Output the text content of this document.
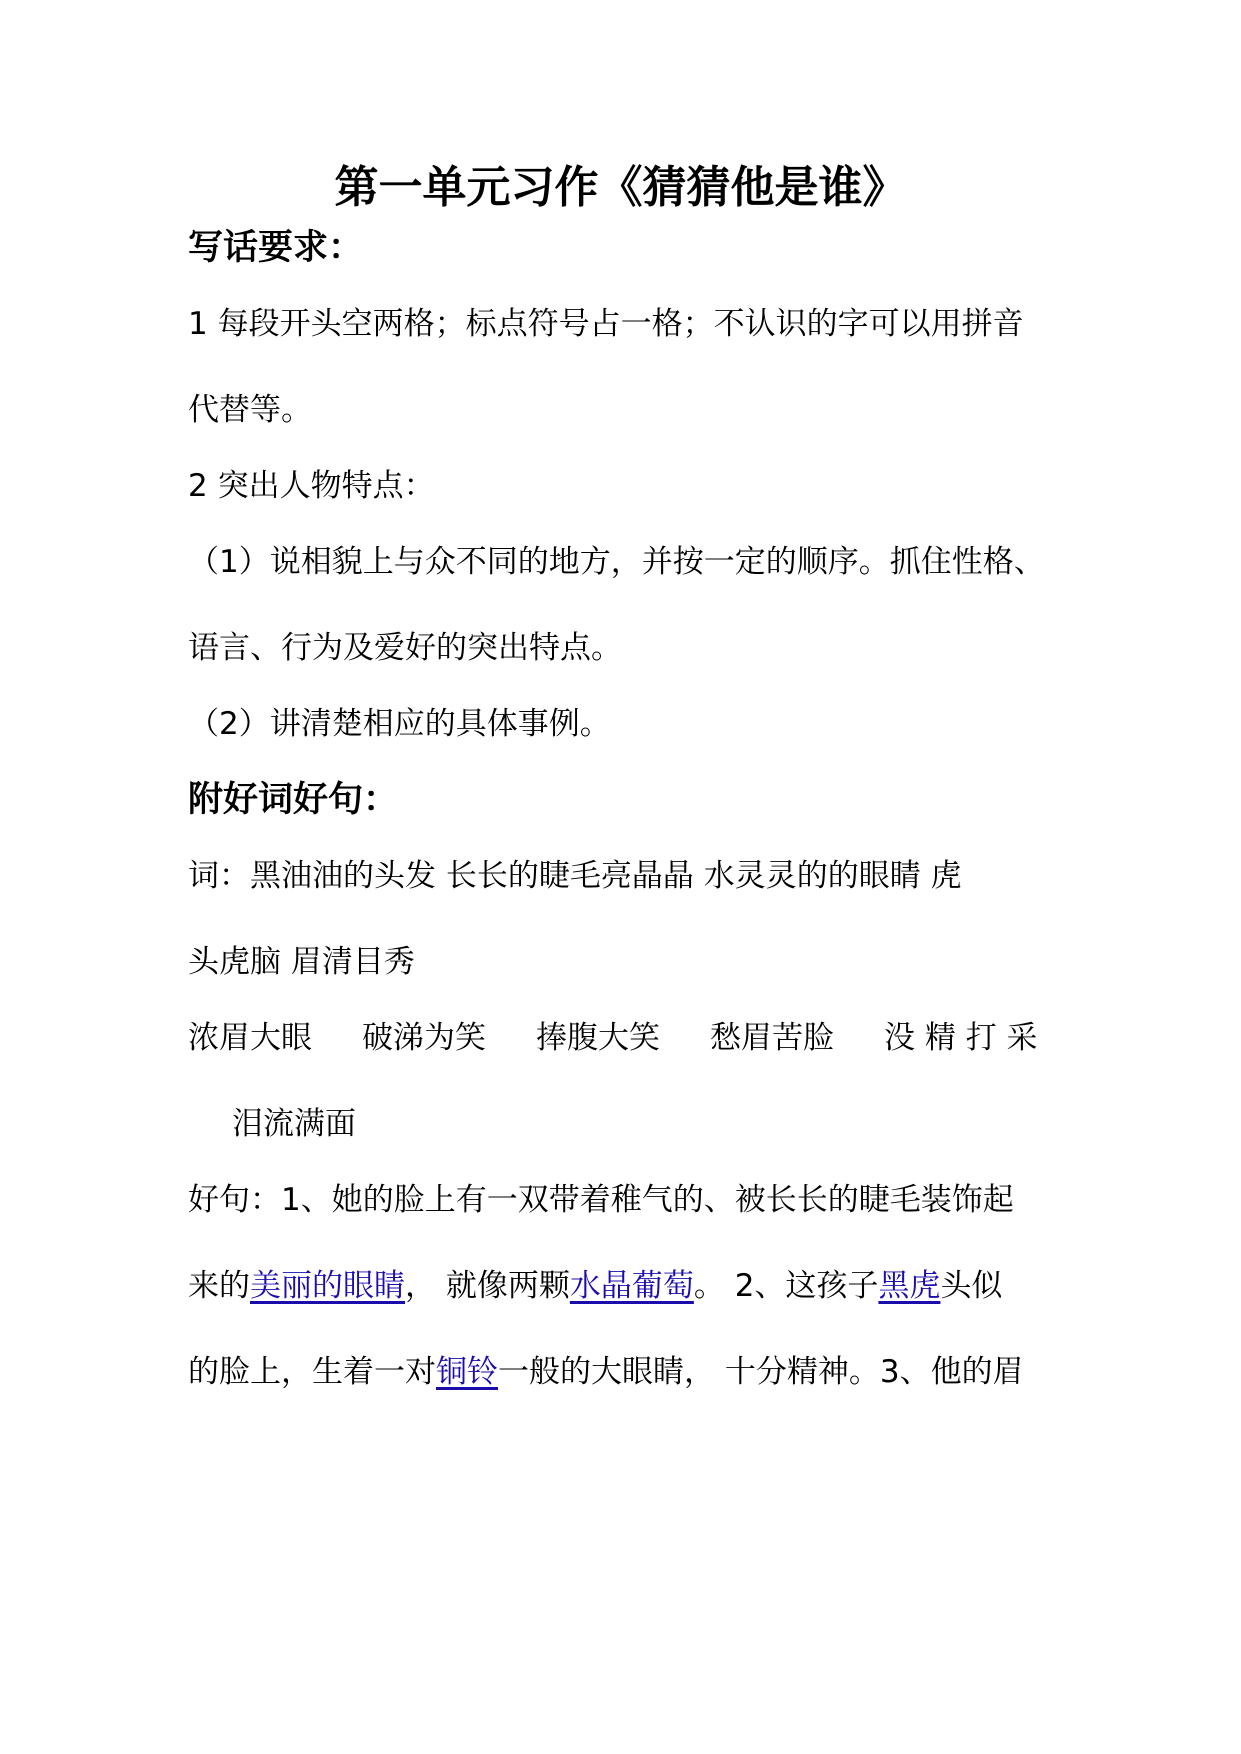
第一单元习作《猜猜他是谁》
写话要求：
1 每段开头空两格；标点符号占一格；不认识的字可以用拼音
代替等。
2 突出人物特点：
（1）说相貌上与众不同的地方，并按一定的顺序。抓住性格、
语言、行为及爱好的突出特点。
（2）讲清楚相应的具体事例。
附好词好句：
词：黑油油的头发 长长的睫毛亮晶晶 水灵灵的的眼睛 虎
头虎脑 眉清目秀
浓眉大眼 破涕为笑 捧腹大笑 愁眉苦脸 没 精 打 采
泪流满面
好句：1、她的脸上有一双带着稚气的、被长长的睫毛装饰起
来的美丽的眼睛， 就像两颗水晶葡萄。 2、这孩子黑虎头似
的脸上，生着一对铜铃一般的大眼睛， 十分精神。3、他的眉
